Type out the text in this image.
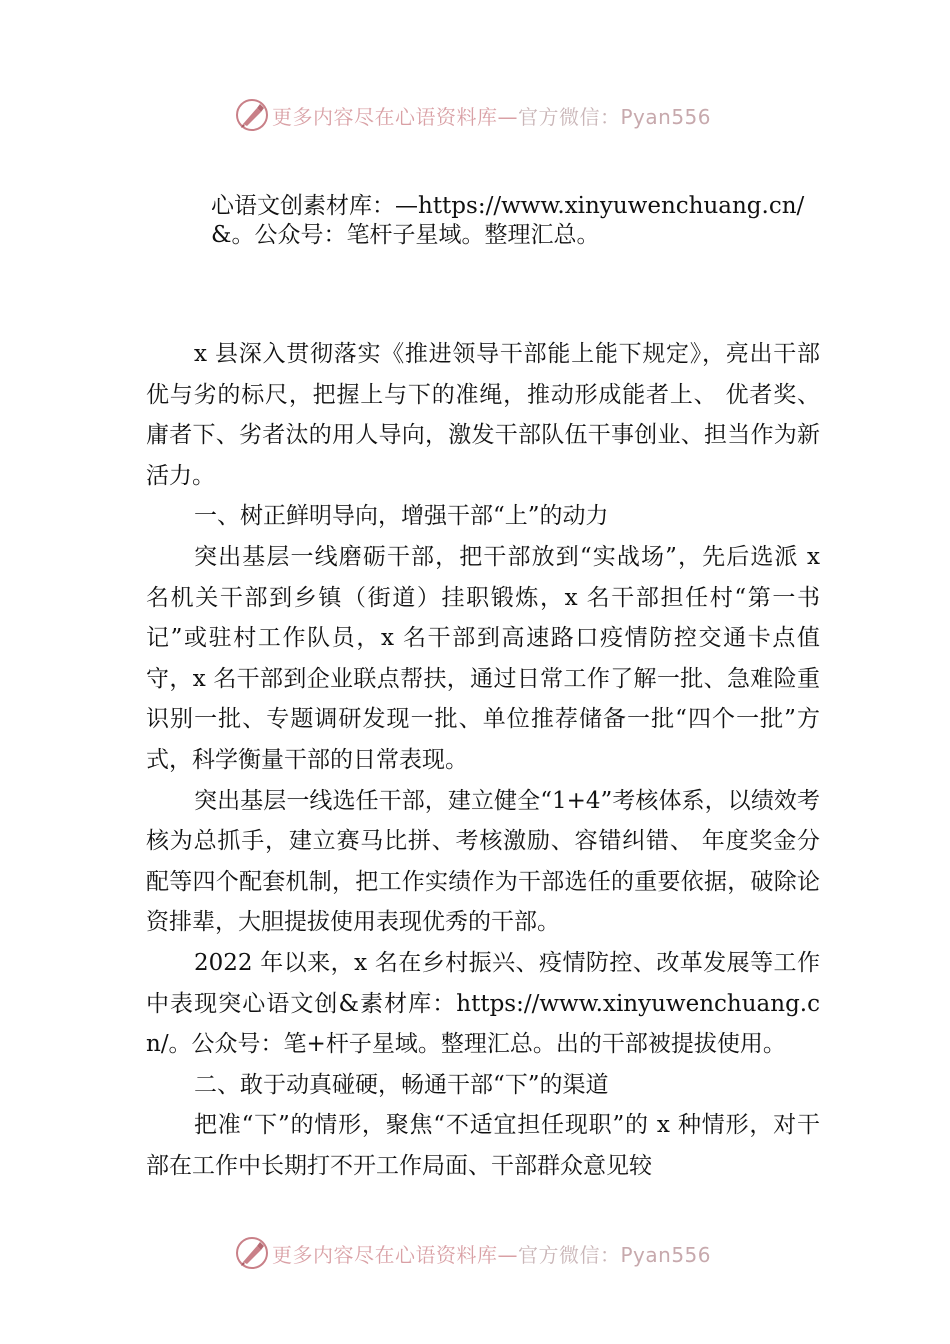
更多内容尽在心语资料库—官方微信：Pyan556
心语文创素材库：—https://www.xinyuwenchuang.cn/&。公众号：笔杆子星域。整理汇总。

x 县深入贯彻落实《推进领导干部能上能下规定》，亮出干部优与劣的标尺，把握上与下的准绳，推动形成能者上、 优者奖、庸者下、劣者汰的用人导向，激发干部队伍干事创业、担当作为新活力。

一、树正鲜明导向，增强干部“上”的动力

突出基层一线磨砺干部，把干部放到“实战场”，先后选派 x 名机关干部到乡镇（街道）挂职锻炼，x 名干部担任村“第一书记”或驻村工作队员，x 名干部到高速路口疫情防控交通卡点值守，x 名干部到企业联点帮扶，通过日常工作了解一批、急难险重识别一批、专题调研发现一批、单位推荐储备一批“四个一批”方式，科学衡量干部的日常表现。

突出基层一线选任干部，建立健全“1+4”考核体系，以绩效考核为总抓手，建立赛马比拼、考核激励、容错纠错、 年度奖金分配等四个配套机制，把工作实绩作为干部选任的重要依据，破除论资排辈，大胆提拔使用表现优秀的干部。

2022 年以来，x 名在乡村振兴、疫情防控、改革发展等工作中表现突心语文创&素材库：https://www.xinyuwenchuang.cn/。公众号：笔+杆子星域。整理汇总。出的干部被提拔使用。

二、敢于动真碰硬，畅通干部“下”的渠道

把准“下”的情形，聚焦“不适宜担任现职”的 x 种情形，对干部在工作中长期打不开工作局面、干部群众意见较

更多内容尽在心语资料库—官方微信：Pyan556
